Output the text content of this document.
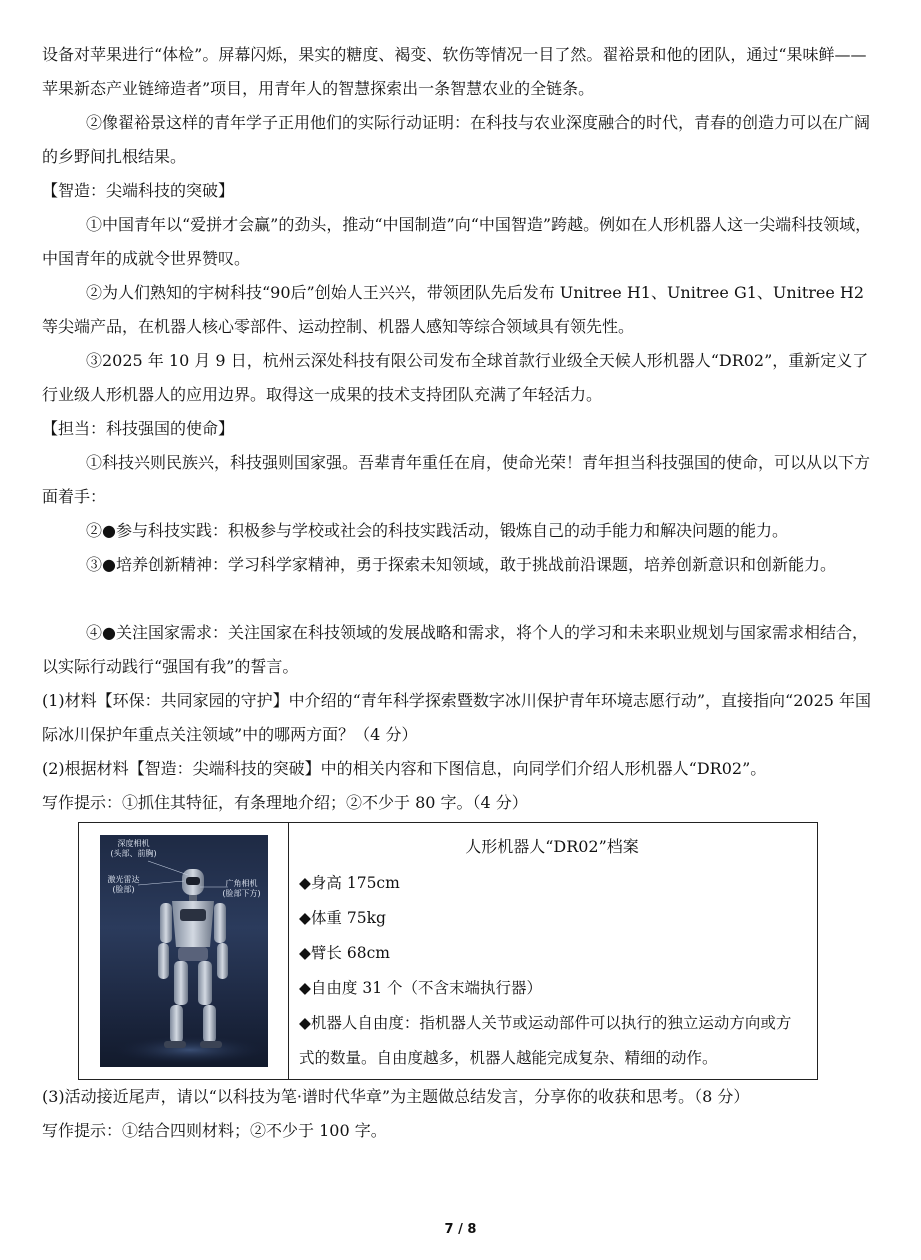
设备对苹果进行“体检”。屏幕闪烁，果实的糖度、褐变、软伤等情况一目了然。翟裕景和他的团队，通过“果味鲜——苹果新态产业链缔造者”项目，用青年人的智慧探索出一条智慧农业的全链条。

②像翟裕景这样的青年学子正用他们的实际行动证明：在科技与农业深度融合的时代，青春的创造力可以在广阔的乡野间扎根结果。

【智造：尖端科技的突破】

①中国青年以“爱拼才会赢”的劲头，推动“中国制造”向“中国智造”跨越。例如在人形机器人这一尖端科技领域，中国青年的成就令世界赞叹。

②为人们熟知的宇树科技“90后”创始人王兴兴，带领团队先后发布 Unitree H1、Unitree G1、Unitree H2 等尖端产品，在机器人核心零部件、运动控制、机器人感知等综合领域具有领先性。

③2025 年 10 月 9 日，杭州云深处科技有限公司发布全球首款行业级全天候人形机器人“DR02”，重新定义了行业级人形机器人的应用边界。取得这一成果的技术支持团队充满了年轻活力。

【担当：科技强国的使命】

①科技兴则民族兴，科技强则国家强。吾辈青年重任在肩，使命光荣！青年担当科技强国的使命，可以从以下方面着手：

②●参与科技实践：积极参与学校或社会的科技实践活动，锻炼自己的动手能力和解决问题的能力。

③●培养创新精神：学习科学家精神，勇于探索未知领域，敢于挑战前沿课题，培养创新意识和创新能力。

④●关注国家需求：关注国家在科技领域的发展战略和需求，将个人的学习和未来职业规划与国家需求相结合，以实际行动践行“强国有我”的誓言。

(1)材料【环保：共同家园的守护】中介绍的“青年科学探索暨数字冰川保护青年环境志愿行动”，直接指向“2025 年国际冰川保护年重点关注领域”中的哪两方面？（4 分）

(2)根据材料【智造：尖端科技的突破】中的相关内容和下图信息，向同学们介绍人形机器人“DR02”。

写作提示：①抓住其特征，有条理地介绍；②不少于 80 字。（4 分）

深度相机
(头部、前胸)
激光雷达
(脸部)
广角相机
(脸部下方)
人形机器人“DR02”档案

◆身高 175cm

◆体重 75kg

◆臂长 68cm

◆自由度 31 个（不含末端执行器）

◆机器人自由度：指机器人关节或运动部件可以执行的独立运动方向或方式的数量。自由度越多，机器人越能完成复杂、精细的动作。

(3)活动接近尾声，请以“以科技为笔·谱时代华章”为主题做总结发言，分享你的收获和思考。（8 分）

写作提示：①结合四则材料；②不少于 100 字。

7 / 8
